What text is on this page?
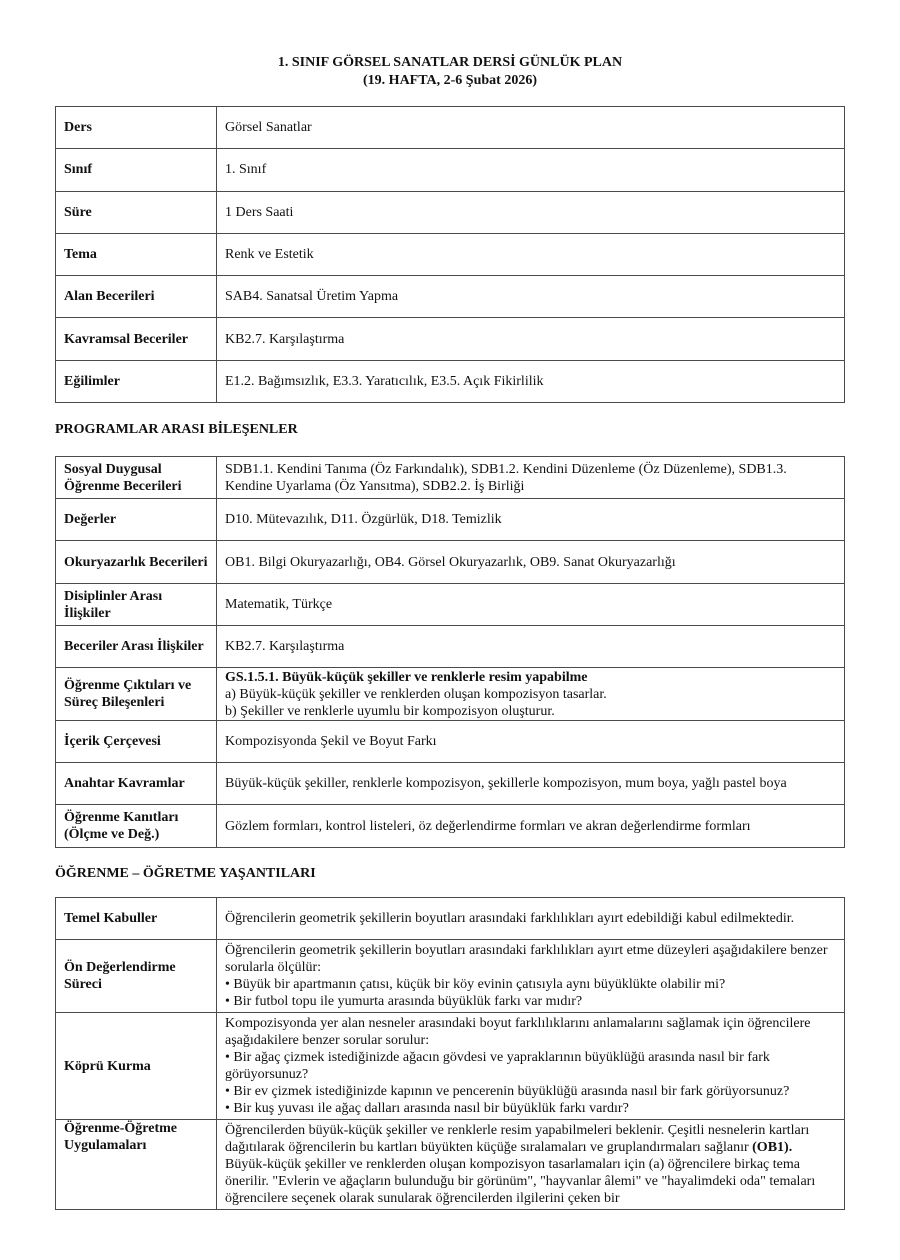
1. SINIF GÖRSEL SANATLAR DERSİ GÜNLÜK PLAN
(19. HAFTA, 2-6 Şubat 2026)
Ders	Görsel Sanatlar
Sınıf	1. Sınıf
Süre	1 Ders Saati
Tema	Renk ve Estetik
Alan Becerileri	SAB4. Sanatsal Üretim Yapma
Kavramsal Beceriler	KB2.7. Karşılaştırma
Eğilimler	E1.2. Bağımsızlık, E3.3. Yaratıcılık, E3.5. Açık Fikirlilik
PROGRAMLAR ARASI BİLEŞENLER
Sosyal Duygusal Öğrenme Becerileri	SDB1.1. Kendini Tanıma (Öz Farkındalık), SDB1.2. Kendini Düzenleme (Öz Düzenleme), SDB1.3. Kendine Uyarlama (Öz Yansıtma), SDB2.2. İş Birliği
Değerler	D10. Mütevazılık, D11. Özgürlük, D18. Temizlik
Okuryazarlık Becerileri	OB1. Bilgi Okuryazarlığı, OB4. Görsel Okuryazarlık, OB9. Sanat Okuryazarlığı
Disiplinler Arası İlişkiler	Matematik, Türkçe
Beceriler Arası İlişkiler	KB2.7. Karşılaştırma
Öğrenme Çıktıları ve Süreç Bileşenleri	GS.1.5.1. Büyük-küçük şekiller ve renklerle resim yapabilme
a) Büyük-küçük şekiller ve renklerden oluşan kompozisyon tasarlar.
b) Şekiller ve renklerle uyumlu bir kompozisyon oluşturur.

İçerik Çerçevesi	Kompozisyonda Şekil ve Boyut Farkı
Anahtar Kavramlar	Büyük-küçük şekiller, renklerle kompozisyon, şekillerle kompozisyon, mum boya, yağlı pastel boya
Öğrenme Kanıtları (Ölçme ve Değ.)	Gözlem formları, kontrol listeleri, öz değerlendirme formları ve akran değerlendirme formları
ÖĞRENME – ÖĞRETME YAŞANTILARI
Temel Kabuller	Öğrencilerin geometrik şekillerin boyutları arasındaki farklılıkları ayırt edebildiği kabul edilmektedir.
Ön Değerlendirme Süreci	Öğrencilerin geometrik şekillerin boyutları arasındaki farklılıkları ayırt etme düzeyleri aşağıdakilere benzer sorularla ölçülür:
• Büyük bir apartmanın çatısı, küçük bir köy evinin çatısıyla aynı büyüklükte olabilir mi?
• Bir futbol topu ile yumurta arasında büyüklük farkı var mıdır?

Köprü Kurma	Kompozisyonda yer alan nesneler arasındaki boyut farklılıklarını anlamalarını sağlamak için öğrencilere aşağıdakilere benzer sorular sorulur:
• Bir ağaç çizmek istediğinizde ağacın gövdesi ve yapraklarının büyüklüğü arasında nasıl bir fark görüyorsunuz?
• Bir ev çizmek istediğinizde kapının ve pencerenin büyüklüğü arasında nasıl bir fark görüyorsunuz?
• Bir kuş yuvası ile ağaç dalları arasında nasıl bir büyüklük farkı vardır?

Öğrenme-Öğretme Uygulamaları	Öğrencilerden büyük-küçük şekiller ve renklerle resim yapabilmeleri beklenir. Çeşitli nesnelerin kartları dağıtılarak öğrencilerin bu kartları büyükten küçüğe sıralamaları ve gruplandırmaları sağlanır (OB1). Büyük-küçük şekiller ve renklerden oluşan kompozisyon tasarlamaları için (a) öğrencilere birkaç tema önerilir. "Evlerin ve ağaçların bulunduğu bir görünüm", "hayvanlar âlemi" ve "hayalimdeki oda" temaları öğrencilere seçenek olarak sunularak öğrencilerden ilgilerini çeken bir
